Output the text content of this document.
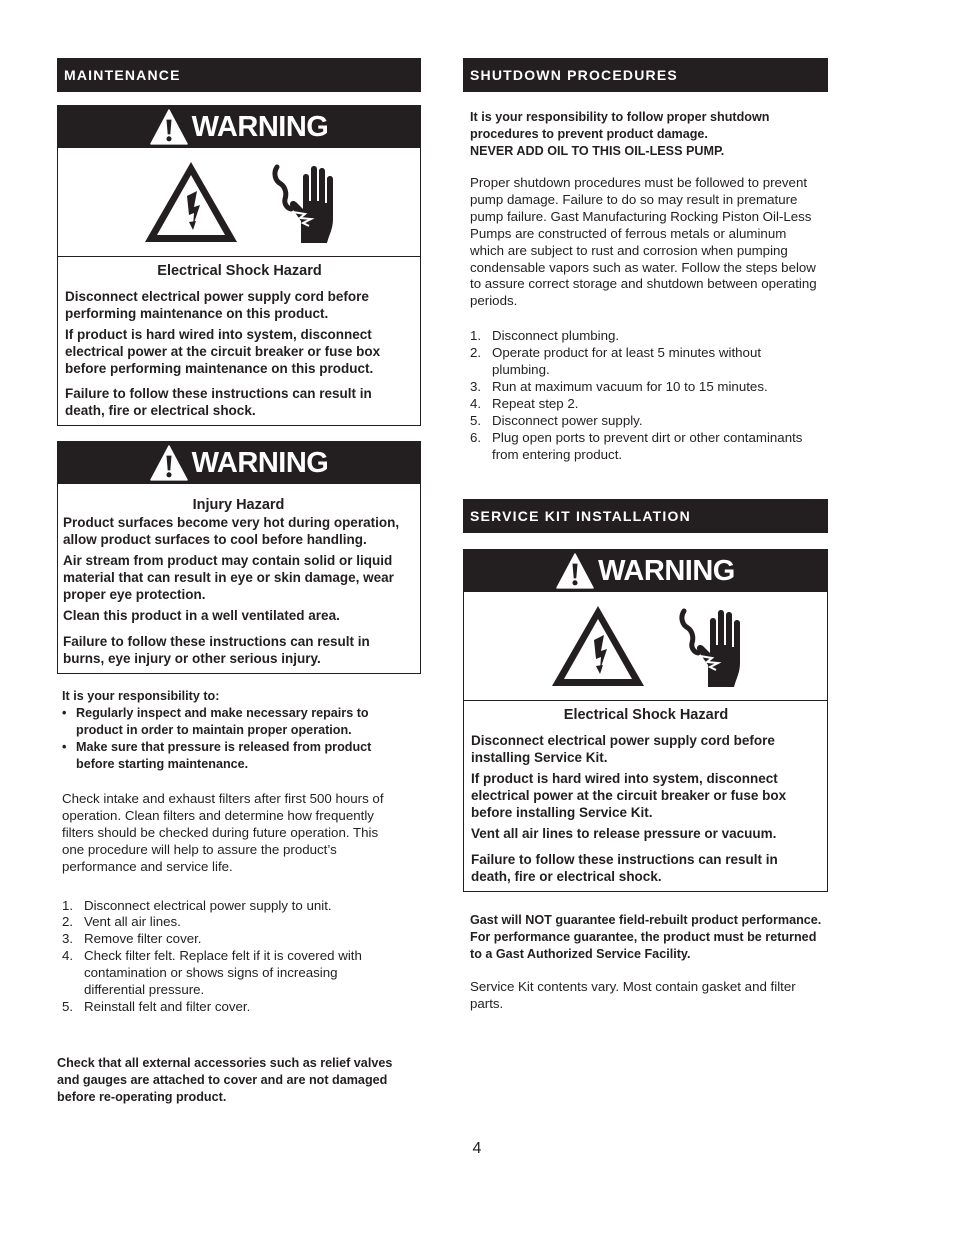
MAINTENANCE
WARNING
Electrical Shock Hazard

Disconnect electrical power supply cord before performing maintenance on this product.

If product is hard wired into system, disconnect electrical power at the circuit breaker or fuse box before performing maintenance on this product.

Failure to follow these instructions can result in death, fire or electrical shock.

WARNING
Injury Hazard

Product surfaces become very hot during operation, allow product surfaces to cool before handling.

Air stream from product may contain solid or liquid material that can result in eye or skin damage, wear proper eye protection.

Clean this product in a well ventilated area.

Failure to follow these instructions can result in burns, eye injury or other serious injury.

It is your responsibility to:

• Regularly inspect and make necessary repairs to product in order to maintain proper operation.
• Make sure that pressure is released from product before starting maintenance.

Check intake and exhaust filters after first 500 hours of operation. Clean filters and determine how frequently filters should be checked during future operation. This one procedure will help to assure the product’s performance and service life.

1. Disconnect electrical power supply to unit.
2. Vent all air lines.
3. Remove filter cover.
4. Check filter felt. Replace felt if it is covered with contamination or shows signs of increasing differential pressure.
5. Reinstall felt and filter cover.

Check that all external accessories such as relief valves and gauges are attached to cover and are not damaged before re-operating product.

SHUTDOWN PROCEDURES

It is your responsibility to follow proper shutdown procedures to prevent product damage.

NEVER ADD OIL TO THIS OIL-LESS PUMP.

Proper shutdown procedures must be followed to prevent pump damage. Failure to do so may result in premature pump failure. Gast Manufacturing Rocking Piston Oil-Less Pumps are constructed of ferrous metals or aluminum which are subject to rust and corrosion when pumping condensable vapors such as water. Follow the steps below to assure correct storage and shutdown between operating periods.

1. Disconnect plumbing.
2. Operate product for at least 5 minutes without plumbing.
3. Run at maximum vacuum for 10 to 15 minutes.
4. Repeat step 2.
5. Disconnect power supply.
6. Plug open ports to prevent dirt or other contaminants from entering product.
SERVICE KIT INSTALLATION
WARNING
Electrical Shock Hazard

Disconnect electrical power supply cord before installing Service Kit.

If product is hard wired into system, disconnect electrical power at the circuit breaker or fuse box before installing Service Kit.

Vent all air lines to release pressure or vacuum.

Failure to follow these instructions can result in death, fire or electrical shock.

Gast will NOT guarantee field-rebuilt product performance. For performance guarantee, the product must be returned to a Gast Authorized Service Facility.

Service Kit contents vary. Most contain gasket and filter parts.

4
